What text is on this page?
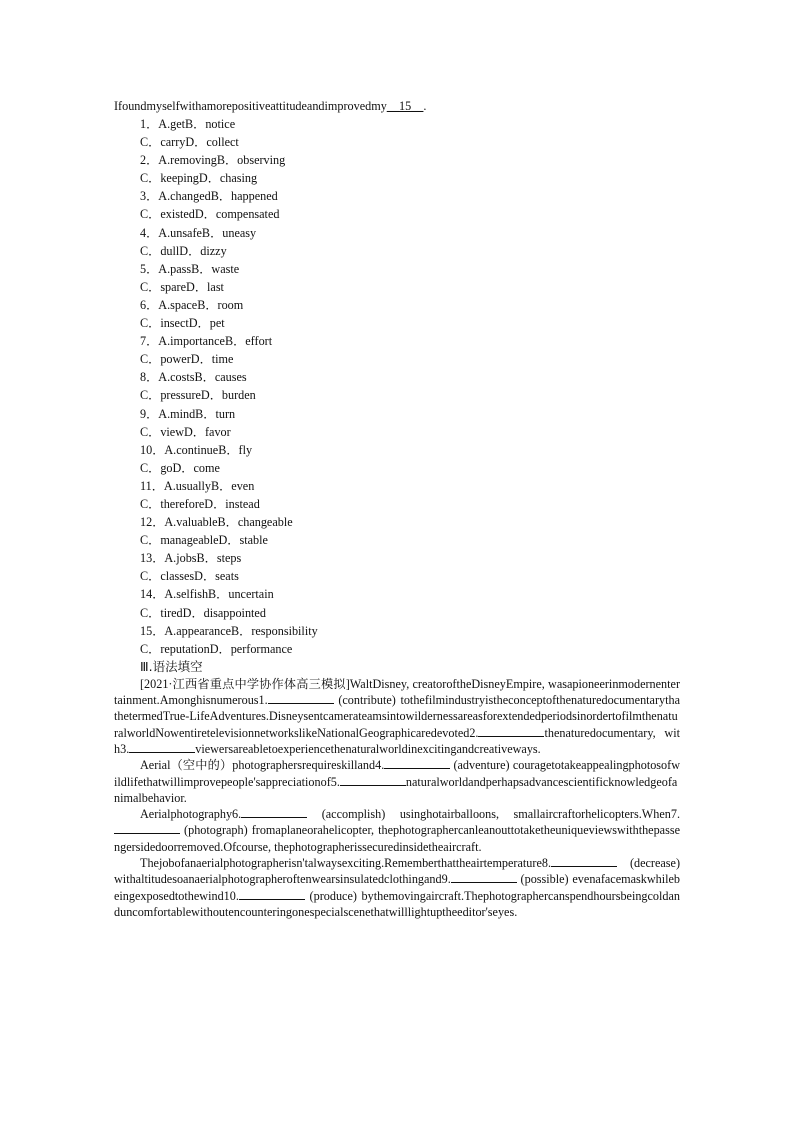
Ifoundmyselfwithamorepositiveattitudeandimprovedmy__15__.
1．A.getB．notice
C．carryD．collect
2．A.removingB．observing
C．keepingD．chasing
3．A.changedB．happened
C．existedD．compensated
4．A.unsafeB．uneasy
C．dullD．dizzy
5．A.passB．waste
C．spareD．last
6．A.spaceB．room
C．insectD．pet
7．A.importanceB．effort
C．powerD．time
8．A.costsB．causes
C．pressureD．burden
9．A.mindB．turn
C．viewD．favor
10．A.continueB．fly
C．goD．come
11．A.usuallyB．even
C．thereforeD．instead
12．A.valuableB．changeable
C．manageableD．stable
13．A.jobsB．steps
C．classesD．seats
14．A.selfishB．uncertain
C．tiredD．disappointed
15．A.appearanceB．responsibility
C．reputationD．performance
Ⅲ.语法填空
[2021·江西省重点中学协作体高三模拟]WaltDisney, creatoroftheDisneyEmpire, wasapioneerinmodernentertainment.Amonghisnumerous1.	(contribute) tothefilmindustryistheconceptofthenaturedocumentarythathetermedTrue-LifeAdventures.DisneysentcamerateamsintowildernessareasforextendedperiodsinordertofilmthenaturalworldNowentiretelevisionnetworkslikeNationalGeographicaredevoted2.	thenaturedocumentary, with3.	viewersareabletoexperiencethenaturalworldinexcitingandcreativeways.
Aerial（空中的）photographersrequireskilland4.	(adventure) couragetotakeappealingphotosofwildlifethatwillimprovepeople'sappreciationof5.	naturalworldandperhapsadvancescientificknowledgeofanimalbehavior.
Aerialphotography6.	(accomplish) usinghotairballoons, smallaircraftorhelicopters.When7. (photograph) fromaplaneorahelicopter, thephotographercanleanouttotaketheuniqueviewswiththepassengersidedoorremoved.Ofcourse, thephotographerissecuredinsidetheaircraft.
Thejobofanaerialphotographerisn'talwaysexciting.Rememberthattheairtemperature8.	(decrease) withaltitudesoanaerialphotographeroftenwearsinsulatedclothingand9.	(possible) evenafacemaskwhilebeingexposedtothewind10.	(produce) bythemovingaircraft.Thephotographercanspendhoursbeingcoldanduncomfortablewithoutencounteringonespecialscenethatwilllightuptheeditor'seyes.
